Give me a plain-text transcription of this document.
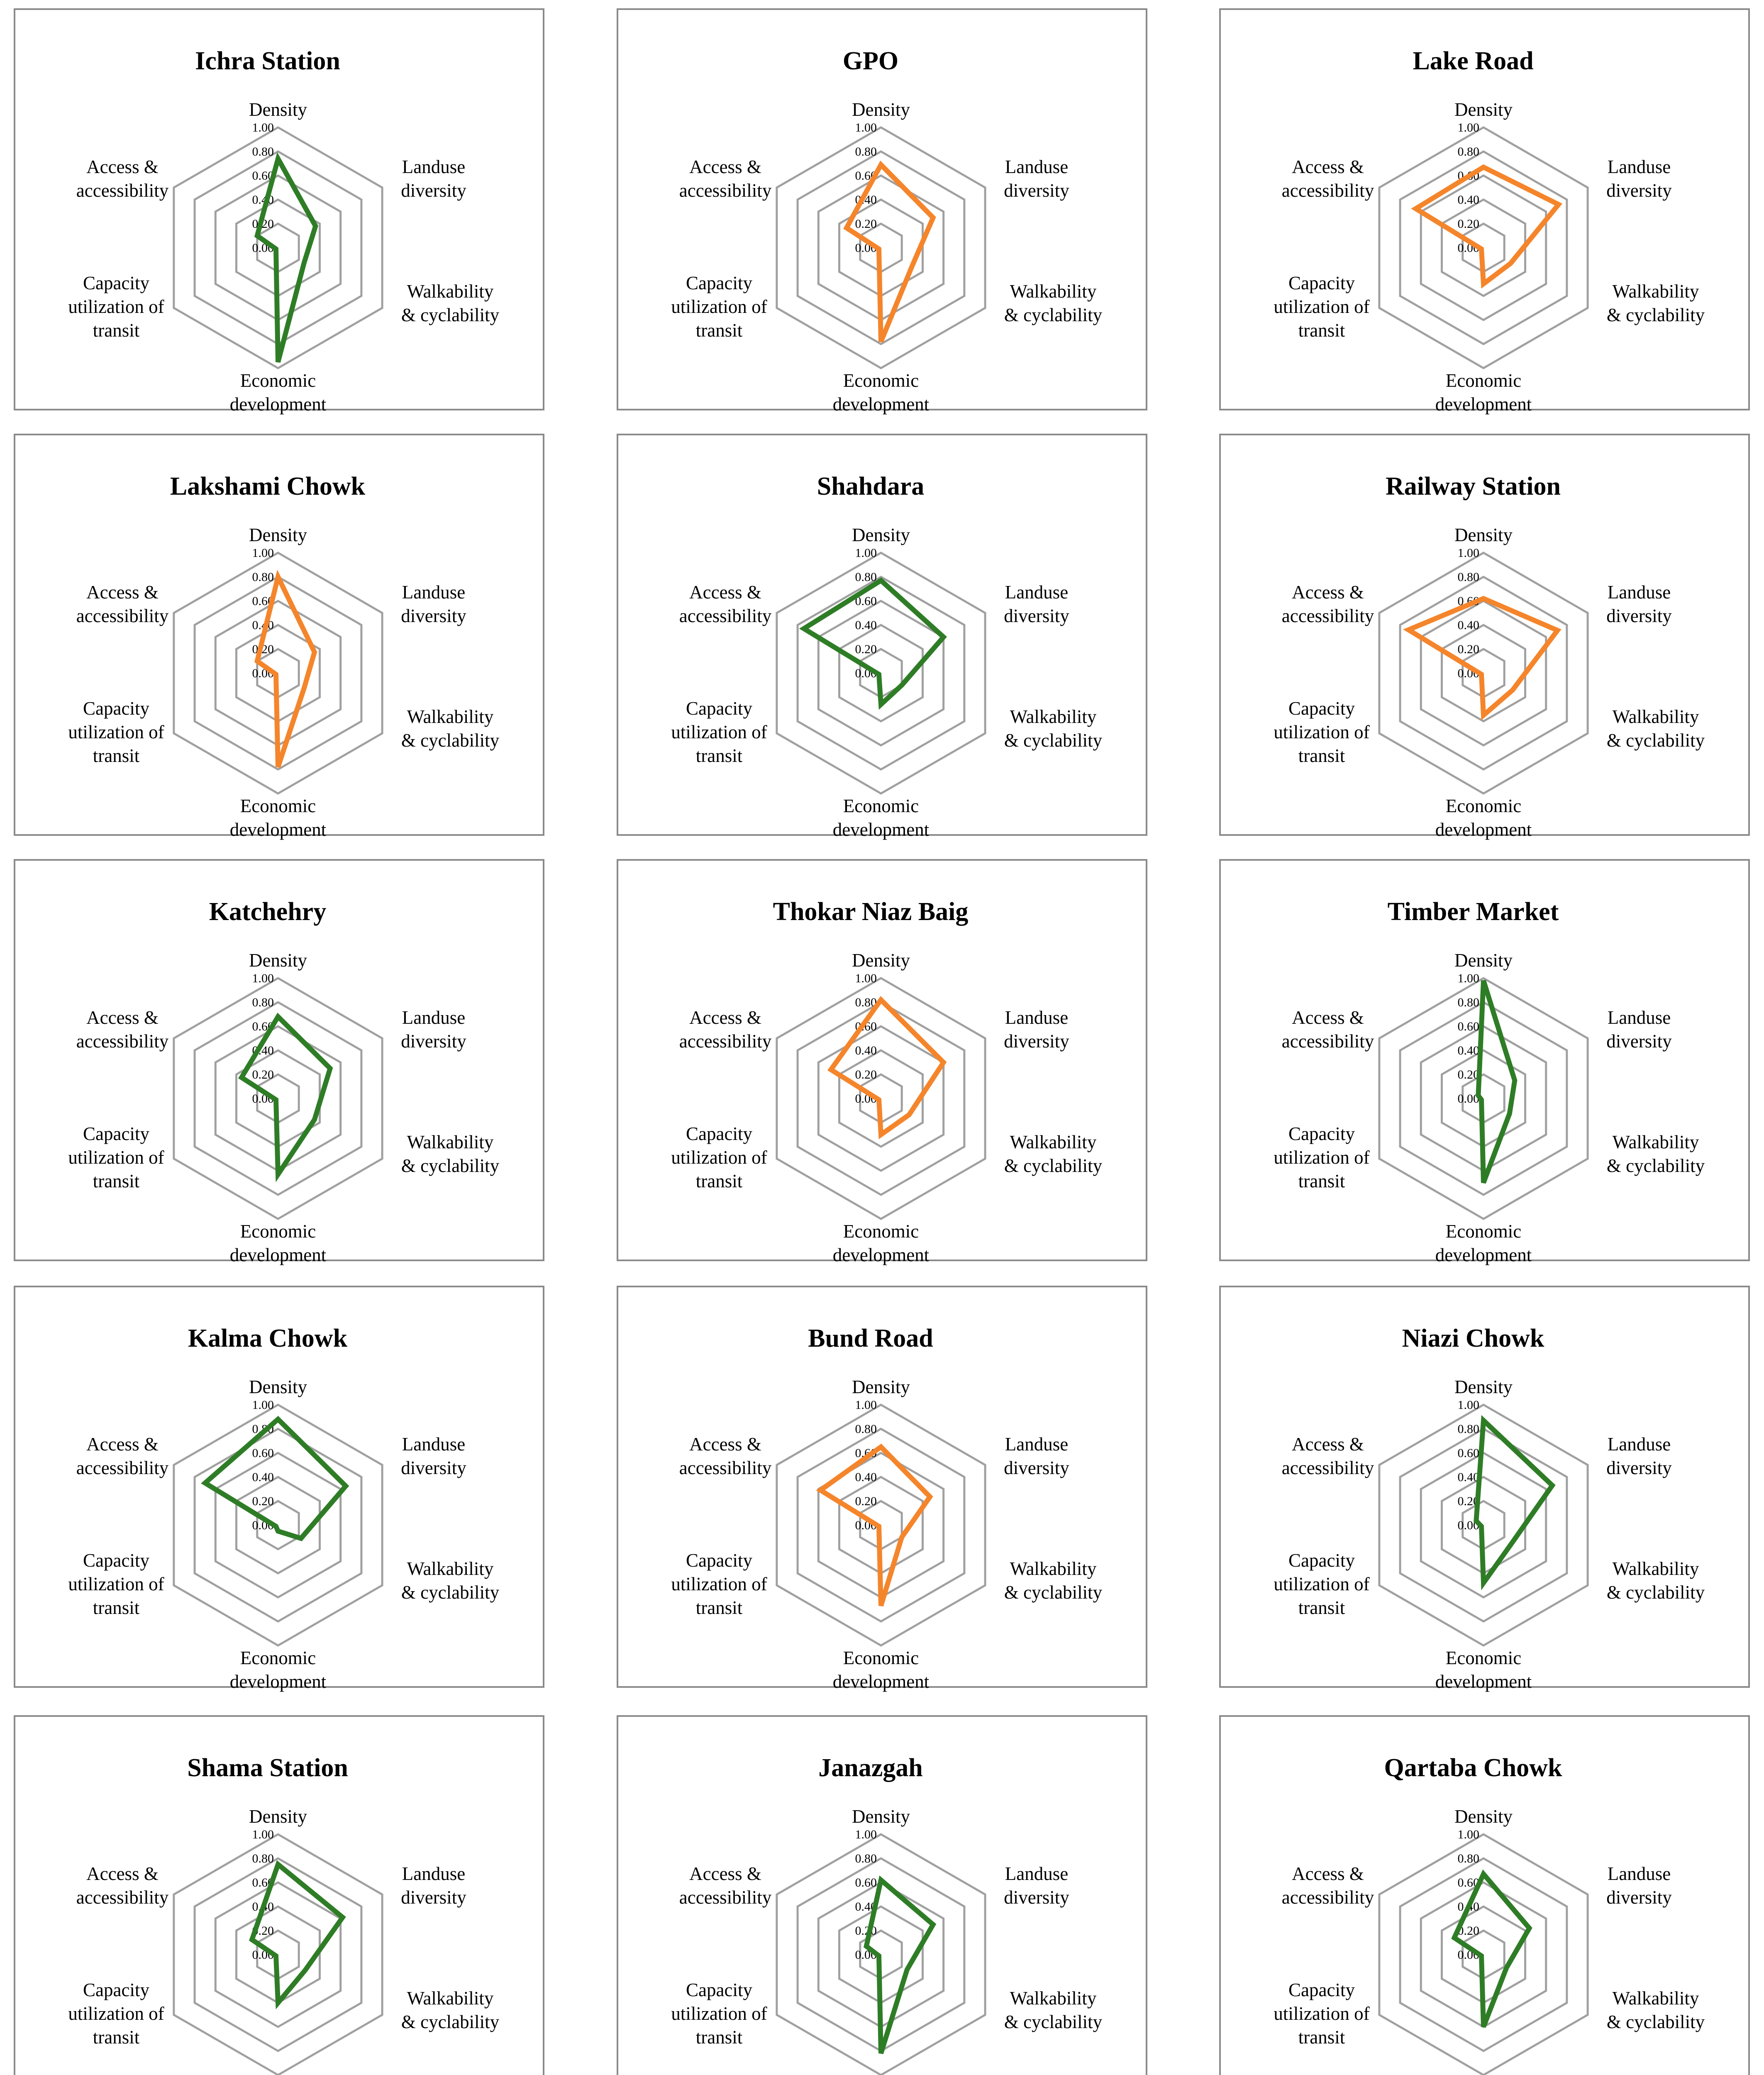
Ichra Station
0.00
0.20
0.40
0.60
0.80
1.00
Density
Landuse diversity
Walkability & cyclability
Economic development
Capacity utilization of transit
Access & accessibility
GPO
0.00
0.20
0.40
0.60
0.80
1.00
Density
Landuse diversity
Walkability & cyclability
Economic development
Capacity utilization of transit
Access & accessibility
Lake Road
0.00
0.20
0.40
0.60
0.80
1.00
Density
Landuse diversity
Walkability & cyclability
Economic development
Capacity utilization of transit
Access & accessibility
Lakshami Chowk
0.00
0.20
0.40
0.60
0.80
1.00
Density
Landuse diversity
Walkability & cyclability
Economic development
Capacity utilization of transit
Access & accessibility
Shahdara
0.00
0.20
0.40
0.60
0.80
1.00
Density
Landuse diversity
Walkability & cyclability
Economic development
Capacity utilization of transit
Access & accessibility
Railway Station
0.00
0.20
0.40
0.60
0.80
1.00
Density
Landuse diversity
Walkability & cyclability
Economic development
Capacity utilization of transit
Access & accessibility
Katchehry
0.00
0.20
0.40
0.60
0.80
1.00
Density
Landuse diversity
Walkability & cyclability
Economic development
Capacity utilization of transit
Access & accessibility
Thokar Niaz Baig
0.00
0.20
0.40
0.60
0.80
1.00
Density
Landuse diversity
Walkability & cyclability
Economic development
Capacity utilization of transit
Access & accessibility
Timber Market
0.00
0.20
0.40
0.60
0.80
1.00
Density
Landuse diversity
Walkability & cyclability
Economic development
Capacity utilization of transit
Access & accessibility
Kalma Chowk
0.00
0.20
0.40
0.60
0.80
1.00
Density
Landuse diversity
Walkability & cyclability
Economic development
Capacity utilization of transit
Access & accessibility
Bund Road
0.00
0.20
0.40
0.60
0.80
1.00
Density
Landuse diversity
Walkability & cyclability
Economic development
Capacity utilization of transit
Access & accessibility
Niazi Chowk
0.00
0.20
0.40
0.60
0.80
1.00
Density
Landuse diversity
Walkability & cyclability
Economic development
Capacity utilization of transit
Access & accessibility
Shama Station
0.00
0.20
0.40
0.60
0.80
1.00
Density
Landuse diversity
Walkability & cyclability
Capacity utilization of transit
Access & accessibility
Janazgah
0.00
0.20
0.40
0.60
0.80
1.00
Density
Landuse diversity
Walkability & cyclability
Capacity utilization of transit
Access & accessibility
Qartaba Chowk
0.00
0.20
0.40
0.60
0.80
1.00
Density
Landuse diversity
Walkability & cyclability
Capacity utilization of transit
Access & accessibility
